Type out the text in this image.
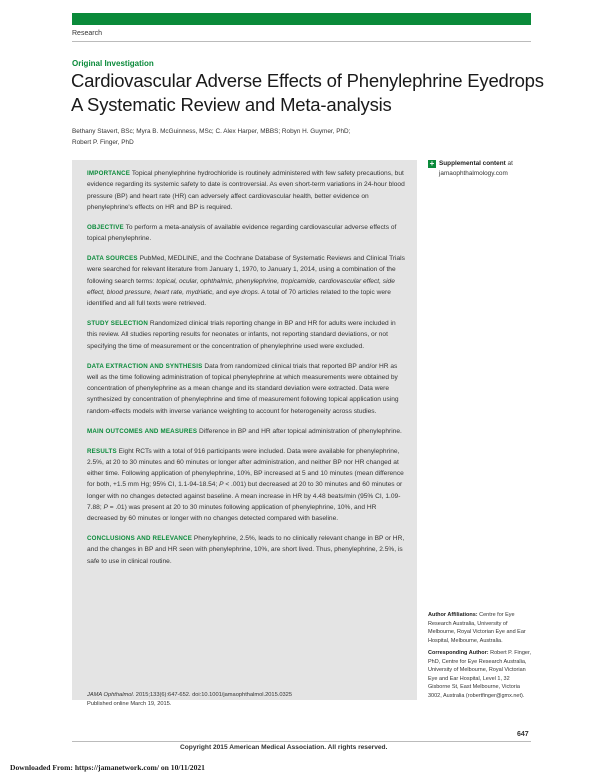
Research
Original Investigation
Cardiovascular Adverse Effects of Phenylephrine Eyedrops
A Systematic Review and Meta-analysis
Bethany Stavert, BSc; Myra B. McGuinness, MSc; C. Alex Harper, MBBS; Robyn H. Guymer, PhD;
Robert P. Finger, PhD

IMPORTANCE Topical phenylephrine hydrochloride is routinely administered with few safety precautions, but evidence regarding its systemic safety to date is controversial. As even short-term variations in 24-hour blood pressure (BP) and heart rate (HR) can adversely affect cardiovascular health, better evidence on phenylephrine's effects on HR and BP is required.

OBJECTIVE To perform a meta-analysis of available evidence regarding cardiovascular adverse effects of topical phenylephrine.

DATA SOURCES PubMed, MEDLINE, and the Cochrane Database of Systematic Reviews and Clinical Trials were searched for relevant literature from January 1, 1970, to January 1, 2014, using a combination of the following search terms: topical, ocular, ophthalmic, phenylephrine, tropicamide, cardiovascular effect, side effect, blood pressure, heart rate, mydriatic, and eye drops. A total of 70 articles related to the topic were identified and all full texts were retrieved.

STUDY SELECTION Randomized clinical trials reporting change in BP and HR for adults were included in this review. All studies reporting results for neonates or infants, not reporting standard deviations, or not specifying the time of measurement or the concentration of phenylephrine used were excluded.

DATA EXTRACTION AND SYNTHESIS Data from randomized clinical trials that reported BP and/or HR as well as the time following administration of topical phenylephrine at which measurements were obtained by concentration of phenylephrine as a mean change and its standard deviation were extracted. Data were synthesized by concentration of phenylephrine and time of measurement following topical application using random-effects models with inverse variance weighting to account for heterogeneity across studies.

MAIN OUTCOMES AND MEASURES Difference in BP and HR after topical administration of phenylephrine.

RESULTS Eight RCTs with a total of 916 participants were included. Data were available for phenylephrine, 2.5%, at 20 to 30 minutes and 60 minutes or longer after administration, and neither BP nor HR changed at either time. Following application of phenylephrine, 10%, BP increased at 5 and 10 minutes (mean difference for both, +1.5 mm Hg; 95% CI, 1.1-94-18.54; P < .001) but decreased at 20 to 30 minutes and 60 minutes or longer with no changes detected against baseline. A mean increase in HR by 4.48 beats/min (95% CI, 1.09-7.88; P = .01) was present at 20 to 30 minutes following application of phenylephrine, 10%, and HR decreased by 60 minutes or longer with no changes detected compared with baseline.

CONCLUSIONS AND RELEVANCE Phenylephrine, 2.5%, leads to no clinically relevant change in BP or HR, and the changes in BP and HR seen with phenylephrine, 10%, are short lived. Thus, phenylephrine, 2.5%, is safe to use in clinical routine.

+ Supplemental content at
jamaophthalmology.com

Author Affiliations: Centre for Eye Research Australia, University of Melbourne, Royal Victorian Eye and Ear Hospital, Melbourne, Australia.

Corresponding Author: Robert P. Finger, PhD, Centre for Eye Research Australia, University of Melbourne, Royal Victorian Eye and Ear Hospital, Level 1, 32 Gisborne St, East Melbourne, Victoria 3002, Australia (robertfinger@gmx.net).

JAMA Ophthalmol. 2015;133(6):647-652. doi:10.1001/jamaophthalmol.2015.0325
Published online March 19, 2015.
647
Copyright 2015 American Medical Association. All rights reserved.
Downloaded From: https://jamanetwork.com/ on 10/11/2021
